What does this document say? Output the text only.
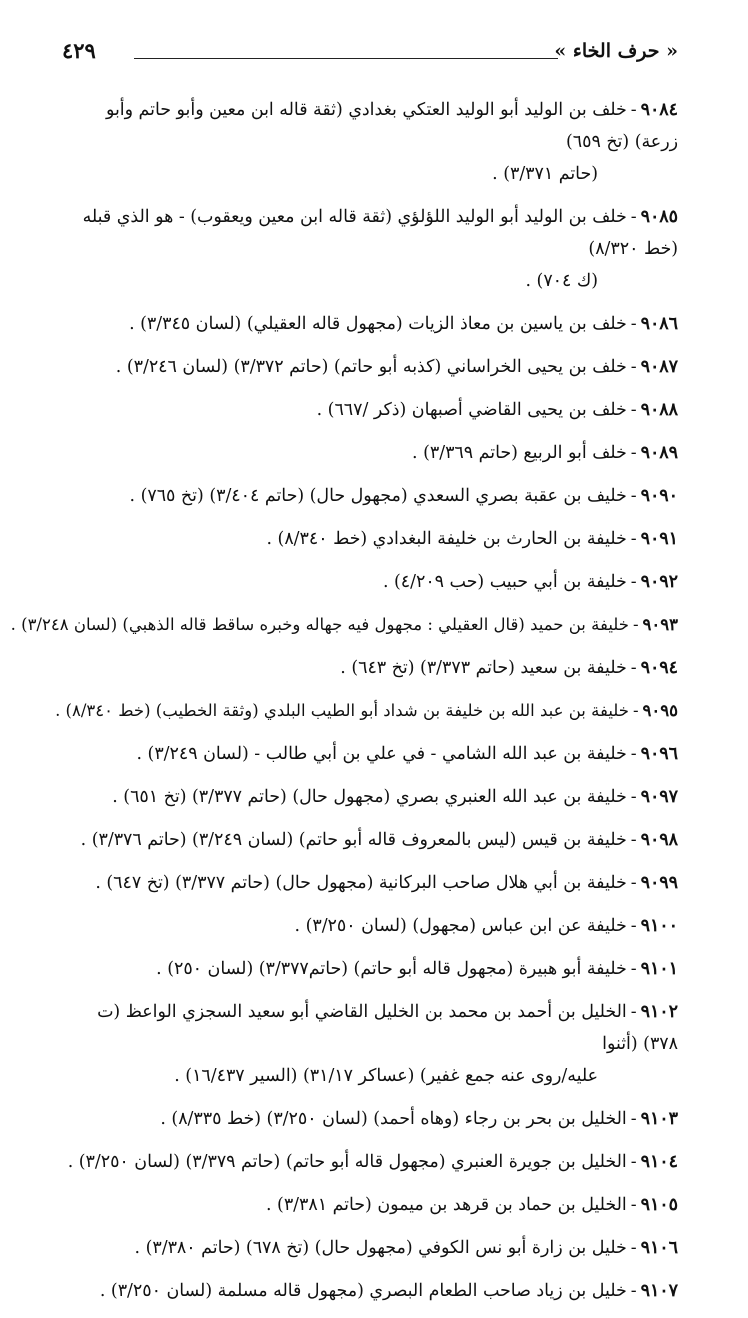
« حرف الخاء »
٤٢٩
٩٠٨٤-خلف بن الوليد أبو الوليد العتكي بغدادي (ثقة قاله ابن معين وأبو حاتم وأبو زرعة) (تخ ٦٥٩)
(حاتم ٣/٣٧١) .
٩٠٨٥-خلف بن الوليد أبو الوليد اللؤلؤي (ثقة قاله ابن معين ويعقوب) - هو الذي قبله (خط ٨/٣٢٠)
(ك ٧٠٤) .
٩٠٨٦-خلف بن ياسين بن معاذ الزيات (مجهول قاله العقيلي) (لسان ٣/٣٤٥) .
٩٠٨٧-خلف بن يحيى الخراساني (كذبه أبو حاتم) (حاتم ٣/٣٧٢) (لسان ٣/٢٤٦) .
٩٠٨٨-خلف بن يحيى القاضي أصبهان (ذكر /٦٦٧) .
٩٠٨٩-خلف أبو الربيع (حاتم ٣/٣٦٩) .
٩٠٩٠-خليف بن عقبة بصري السعدي (مجهول حال) (حاتم ٣/٤٠٤) (تخ ٧٦٥) .
٩٠٩١-خليفة بن الحارث بن خليفة البغدادي (خط ٨/٣٤٠) .
٩٠٩٢-خليفة بن أبي حبيب (حب ٤/٢٠٩) .
٩٠٩٣-خليفة بن حميد (قال العقيلي : مجهول فيه جهاله وخبره ساقط قاله الذهبي) (لسان ٣/٢٤٨) .
٩٠٩٤-خليفة بن سعيد (حاتم ٣/٣٧٣) (تخ ٦٤٣) .
٩٠٩٥-خليفة بن عبد الله بن خليفة بن شداد أبو الطيب البلدي (وثقة الخطيب) (خط ٨/٣٤٠) .
٩٠٩٦-خليفة بن عبد الله الشامي - في علي بن أبي طالب - (لسان ٣/٢٤٩) .
٩٠٩٧-خليفة بن عبد الله العنبري بصري (مجهول حال) (حاتم ٣/٣٧٧) (تخ ٦٥١) .
٩٠٩٨-خليفة بن قيس (ليس بالمعروف قاله أبو حاتم) (لسان ٣/٢٤٩) (حاتم ٣/٣٧٦) .
٩٠٩٩-خليفة بن أبي هلال صاحب البركانية (مجهول حال) (حاتم ٣/٣٧٧) (تخ ٦٤٧) .
٩١٠٠-خليفة عن ابن عباس (مجهول) (لسان ٣/٢٥٠) .
٩١٠١-خليفة أبو هبيرة (مجهول قاله أبو حاتم) (حاتم٣/٣٧٧) (لسان ٢٥٠) .
٩١٠٢-الخليل بن أحمد بن محمد بن الخليل القاضي أبو سعيد السجزي الواعظ (ت ٣٧٨) (أثنوا
عليه/روى عنه جمع غفير) (عساكر ٣١/١٧) (السير ١٦/٤٣٧) .
٩١٠٣-الخليل بن بحر بن رجاء (وهاه أحمد) (لسان ٣/٢٥٠) (خط ٨/٣٣٥) .
٩١٠٤-الخليل بن جويرة العنبري (مجهول قاله أبو حاتم) (حاتم ٣/٣٧٩) (لسان ٣/٢٥٠) .
٩١٠٥-الخليل بن حماد بن قرهد بن ميمون (حاتم ٣/٣٨١) .
٩١٠٦-خليل بن زارة أبو نس الكوفي (مجهول حال) (تخ ٦٧٨) (حاتم ٣/٣٨٠) .
٩١٠٧-خليل بن زياد صاحب الطعام البصري (مجهول قاله مسلمة (لسان ٣/٢٥٠) .
